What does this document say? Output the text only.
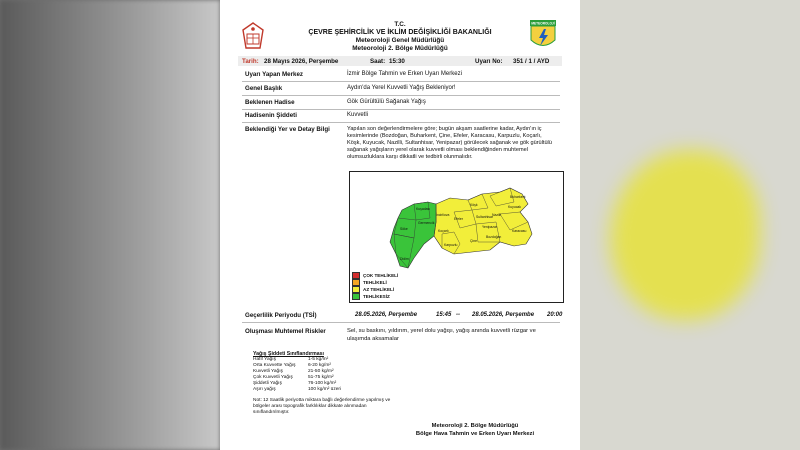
T.C.
ÇEVRE ŞEHİRCİLİK VE İKLİM DEĞİŞİKLİĞİ BAKANLIĞI
Meteoroloji Genel Müdürlüğü
Meteoroloji 2. Bölge Müdürlüğü
METEOROLOJİ
Tarih: 28 Mayıs 2026, Perşembe	Saat: 15:30	Uyarı No: 351 / 1 / AYD
Uyarı Yapan Merkez	İzmir Bölge Tahmin ve Erken Uyarı Merkezi
Genel Başlık	Aydın'da Yerel Kuvvetli Yağış Bekleniyor!
Beklenen Hadise	Gök Gürültülü Sağanak Yağış
Hadisenin Şiddeti	Kuvvetli
Beklendiği Yer ve Detay Bilgi	Yapılan son değerlendirmelere göre; bugün akşam saatlerine kadar, Aydın'ın iç kesimlerinde (Bozdoğan, Buharkent, Çine, Efeler, Karacasu, Karpuzlu, Koçarlı, Köşk, Kuyucak, Nazilli, Sultanhisar, Yenipazar) görülecek sağanak ve gök gürültülü sağanak yağışların yerel olarak kuvvetli olması beklendiğinden muhtemel olumsuzluklara karşı dikkatli ve tedbirli olunmalıdır.
Söke Didim Kuşadası Germencik İncirliova Efeler Köşk Sultanhisar Nazilli Kuyucak Buharkent Koçarlı Çine Karpuzlu Yenipazar Bozdoğan Karacasu
ÇOK TEHLİKELİ
TEHLİKELİ
AZ TEHLİKELİ
TEHLİKESİZ
Geçerlilik Periyodu (TSİ)	28.05.2026, Perşembe	15:45 -- 28.05.2026, Perşembe 20:00
Oluşması Muhtemel Riskler	Sel, su baskını, yıldırım, yerel dolu yağışı, yağış anında kuvvetli rüzgar ve ulaşımda aksamalar
Yağış Şiddeti Sınıflandırması
Hafif Yağış	1-5 kg/m²
Orta Kuvvette Yağış	6-20 kg/m²
Kuvvetli Yağış	21-50 kg/m²
Çok Kuvvetli Yağış	51-75 kg/m²
Şiddetli Yağış	76-100 kg/m²
Aşırı yağış	100 kg/m² üzeri
Not: 12 Saatlik periyotta miktara bağlı değerlendirme yapılmış ve bölgeler arası topografik farklılıklar dikkate alınmadan sınıflandırılmıştır.
Meteoroloji 2. Bölge Müdürlüğü
Bölge Hava Tahmin ve Erken Uyarı Merkezi
